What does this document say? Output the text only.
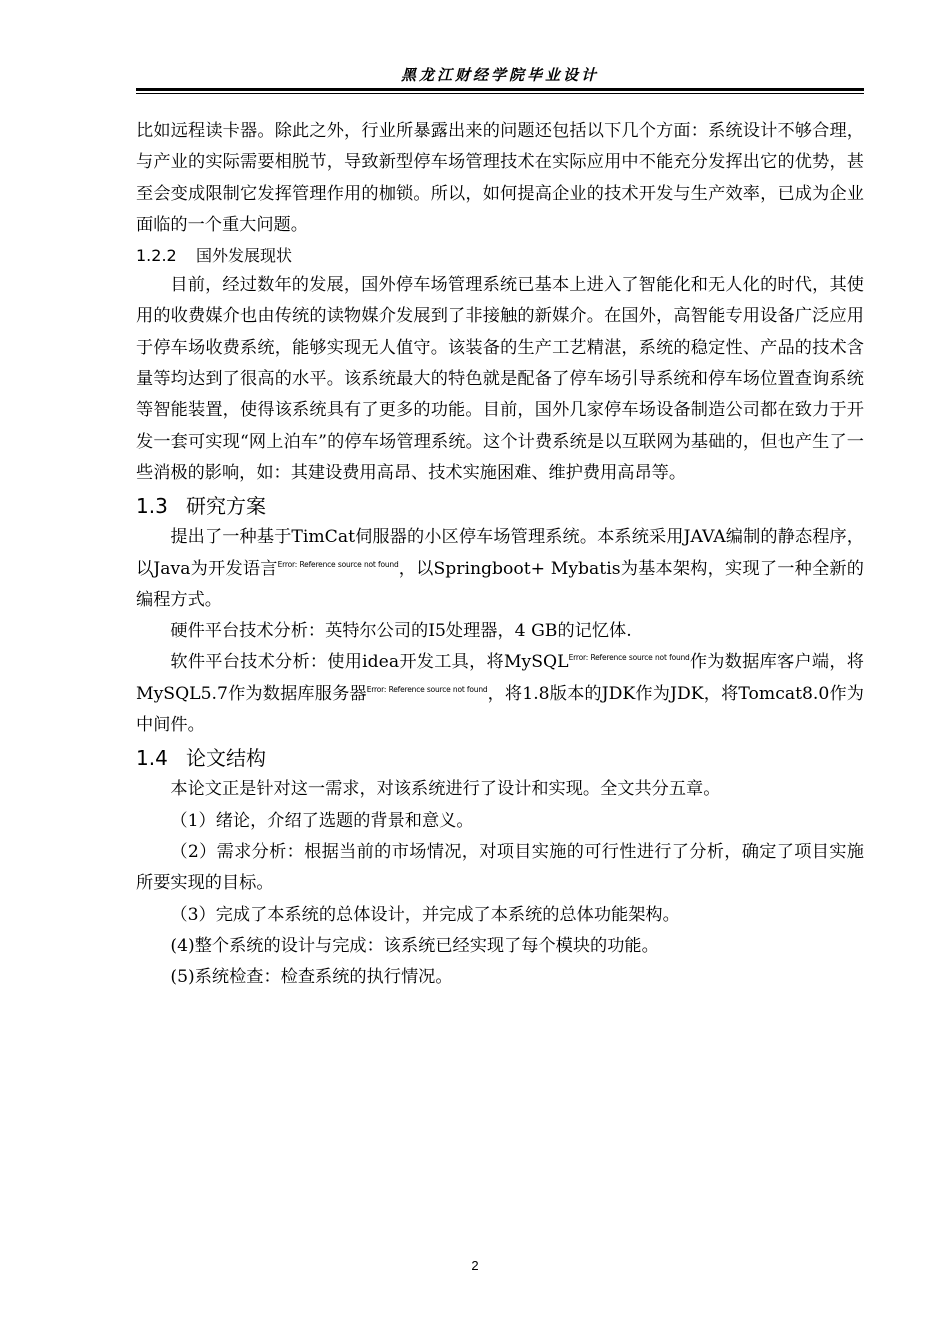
黑龙江财经学院毕业设计

比如远程读卡器。除此之外，行业所暴露出来的问题还包括以下几个方面：系统设计不够合理，与产业的实际需要相脱节，导致新型停车场管理技术在实际应用中不能充分发挥出它的优势，甚至会变成限制它发挥管理作用的枷锁。所以，如何提高企业的技术开发与生产效率，已成为企业面临的一个重大问题。

1.2.2 国外发展现状

目前，经过数年的发展，国外停车场管理系统已基本上进入了智能化和无人化的时代，其使用的收费媒介也由传统的读物媒介发展到了非接触的新媒介。在国外，高智能专用设备广泛应用于停车场收费系统，能够实现无人值守。该装备的生产工艺精湛，系统的稳定性、产品的技术含量等均达到了很高的水平。该系统最大的特色就是配备了停车场引导系统和停车场位置查询系统等智能装置，使得该系统具有了更多的功能。目前，国外几家停车场设备制造公司都在致力于开发一套可实现“网上泊车”的停车场管理系统。这个计费系统是以互联网为基础的，但也产生了一些消极的影响，如：其建设费用高昂、技术实施困难、维护费用高昂等。

1.3 研究方案

提出了一种基于TimCat伺服器的小区停车场管理系统。本系统采用JAVA编制的静态程序，以Java为开发语言$^{Error: Reference source not found}$，以Springboot+ Mybatis为基本架构，实现了一种全新的编程方式。

硬件平台技术分析：英特尔公司的I5处理器，4 GB的记忆体.

软件平台技术分析：使用idea开发工具，将MySQL$^{Error: Reference source not found}$作为数据库客户端，将MySQL5.7作为数据库服务器$^{Error: Reference source not found}$，将1.8版本的JDK作为JDK，将Tomcat8.0作为中间件。

1.4 论文结构

本论文正是针对这一需求，对该系统进行了设计和实现。全文共分五章。

（1）绪论，介绍了选题的背景和意义。

（2）需求分析：根据当前的市场情况，对项目实施的可行性进行了分析，确定了项目实施所要实现的目标。

（3）完成了本系统的总体设计，并完成了本系统的总体功能架构。

(4)整个系统的设计与完成：该系统已经实现了每个模块的功能。

(5)系统检查：检查系统的执行情况。

2
